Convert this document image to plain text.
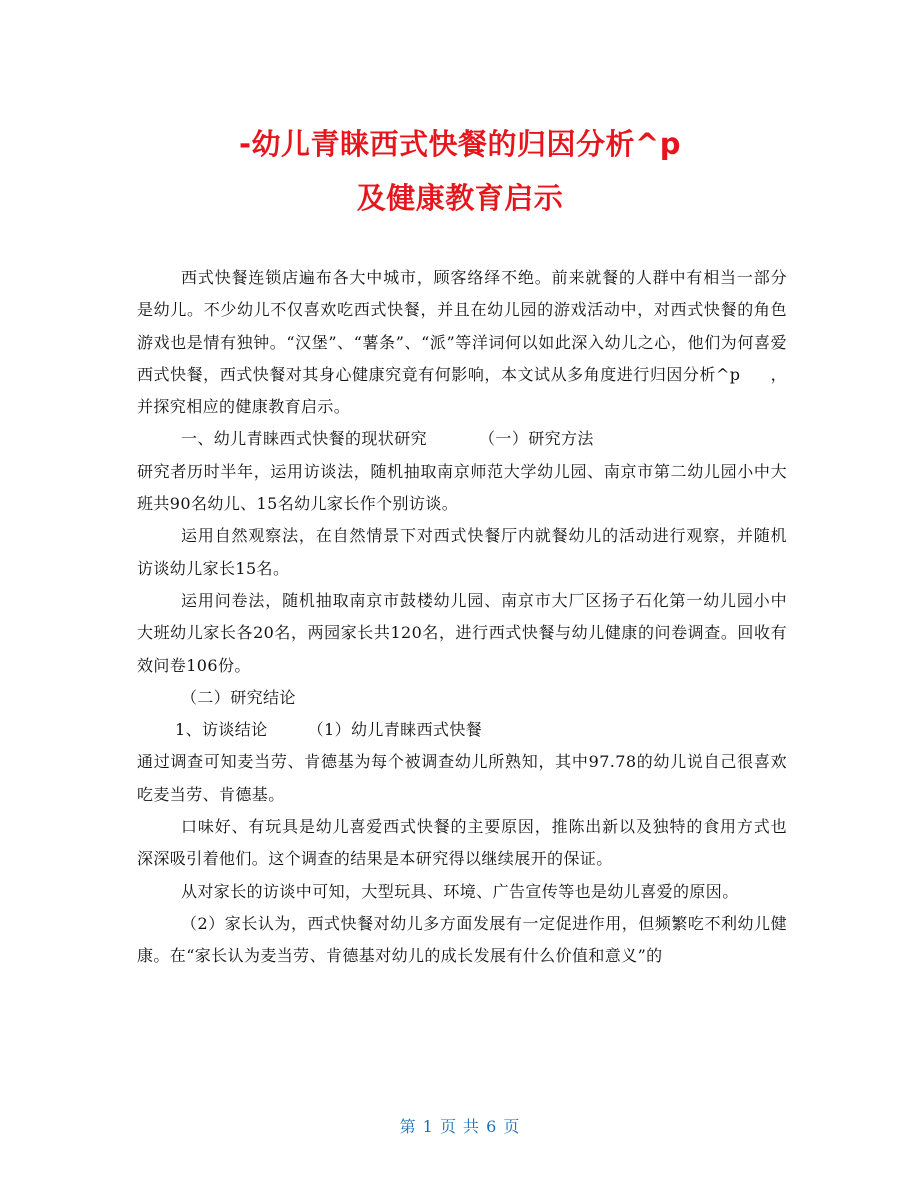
-幼儿青睐西式快餐的归因分析^p
及健康教育启示

西式快餐连锁店遍布各大中城市，顾客络绎不绝。前来就餐的人群中有相当一部分是幼儿。不少幼儿不仅喜欢吃西式快餐，并且在幼儿园的游戏活动中，对西式快餐的角色游戏也是情有独钟。“汉堡”、“薯条”、“派”等洋词何以如此深入幼儿之心，他们为何喜爱西式快餐，西式快餐对其身心健康究竟有何影响，本文试从多角度进行归因分析^p ，并探究相应的健康教育启示。

一、幼儿青睐西式快餐的现状研究	（一）研究方法

研究者历时半年，运用访谈法，随机抽取南京师范大学幼儿园、南京市第二幼儿园小中大班共90名幼儿、15名幼儿家长作个别访谈。

运用自然观察法，在自然情景下对西式快餐厅内就餐幼儿的活动进行观察，并随机访谈幼儿家长15名。

运用问卷法，随机抽取南京市鼓楼幼儿园、南京市大厂区扬子石化第一幼儿园小中大班幼儿家长各20名，两园家长共120名，进行西式快餐与幼儿健康的问卷调查。回收有效问卷106份。

（二）研究结论

1、访谈结论	（1）幼儿青睐西式快餐

通过调查可知麦当劳、肯德基为每个被调查幼儿所熟知，其中97.78的幼儿说自己很喜欢吃麦当劳、肯德基。

口味好、有玩具是幼儿喜爱西式快餐的主要原因，推陈出新以及独特的食用方式也深深吸引着他们。这个调查的结果是本研究得以继续展开的保证。

从对家长的访谈中可知，大型玩具、环境、广告宣传等也是幼儿喜爱的原因。

（2）家长认为，西式快餐对幼儿多方面发展有一定促进作用，但频繁吃不利幼儿健康。在“家长认为麦当劳、肯德基对幼儿的成长发展有什么价值和意义”的

第 1 页 共 6 页
